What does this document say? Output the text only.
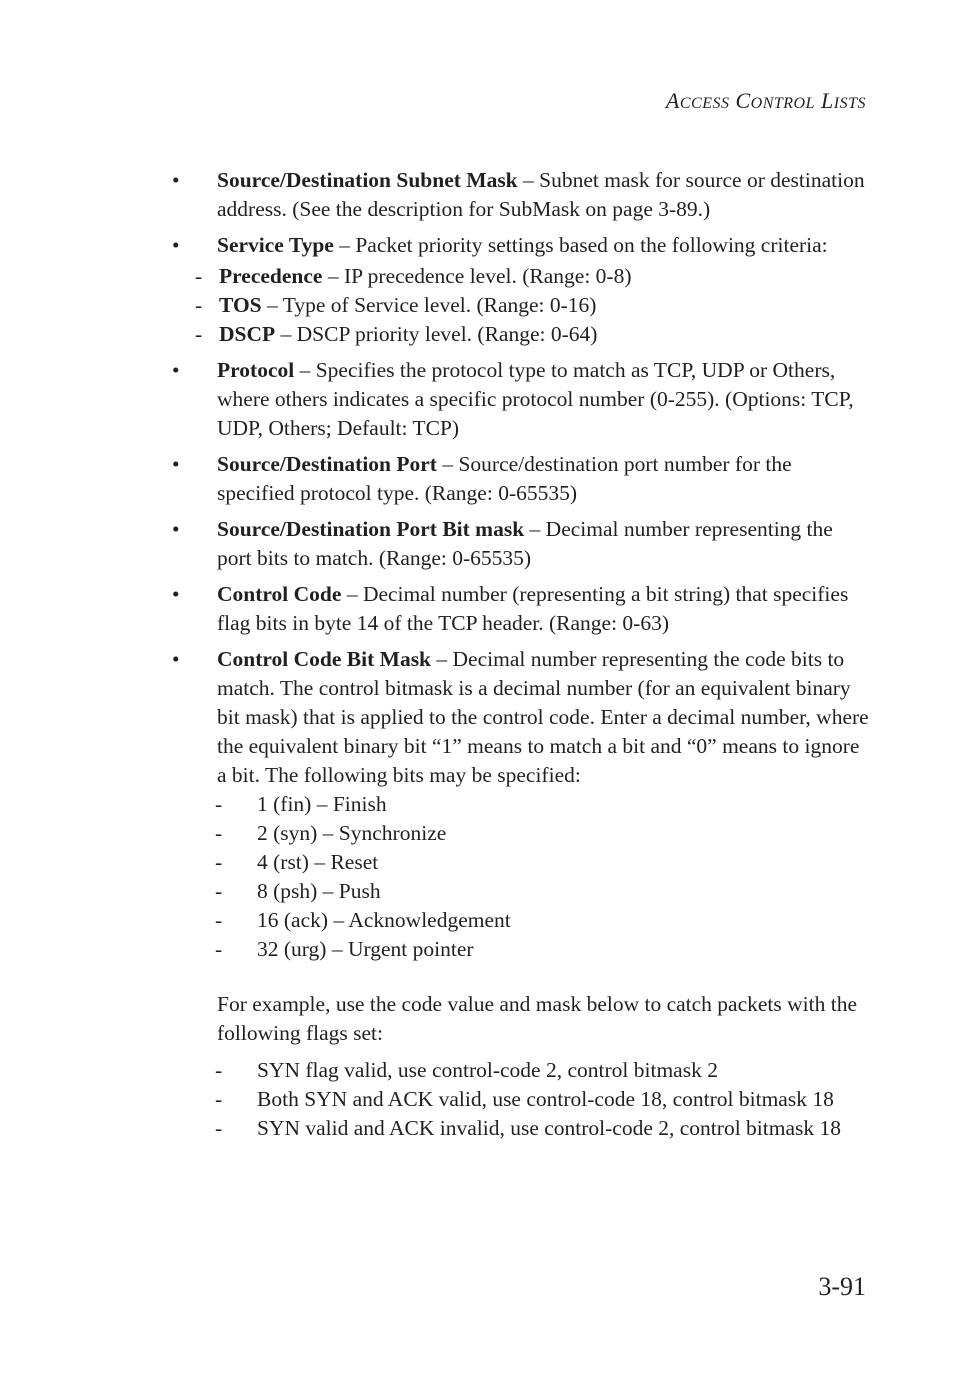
ACCESS CONTROL LISTS
• Source/Destination Subnet Mask – Subnet mask for source or destination address. (See the description for SubMask on page 3-89.)
• Service Type – Packet priority settings based on the following criteria:
- Precedence – IP precedence level. (Range: 0-8)
- TOS – Type of Service level. (Range: 0-16)
- DSCP – DSCP priority level. (Range: 0-64)
• Protocol – Specifies the protocol type to match as TCP, UDP or Others, where others indicates a specific protocol number (0-255). (Options: TCP, UDP, Others; Default: TCP)
• Source/Destination Port – Source/destination port number for the specified protocol type. (Range: 0-65535)
• Source/Destination Port Bit mask – Decimal number representing the port bits to match. (Range: 0-65535)
• Control Code – Decimal number (representing a bit string) that specifies flag bits in byte 14 of the TCP header. (Range: 0-63)
• Control Code Bit Mask – Decimal number representing the code bits to match. The control bitmask is a decimal number (for an equivalent binary bit mask) that is applied to the control code. Enter a decimal number, where the equivalent binary bit “1” means to match a bit and “0” means to ignore a bit. The following bits may be specified:
- 1 (fin) – Finish
- 2 (syn) – Synchronize
- 4 (rst) – Reset
- 8 (psh) – Push
- 16 (ack) – Acknowledgement
- 32 (urg) – Urgent pointer
For example, use the code value and mask below to catch packets with the following flags set:
- SYN flag valid, use control-code 2, control bitmask 2
- Both SYN and ACK valid, use control-code 18, control bitmask 18
- SYN valid and ACK invalid, use control-code 2, control bitmask 18
3-91
